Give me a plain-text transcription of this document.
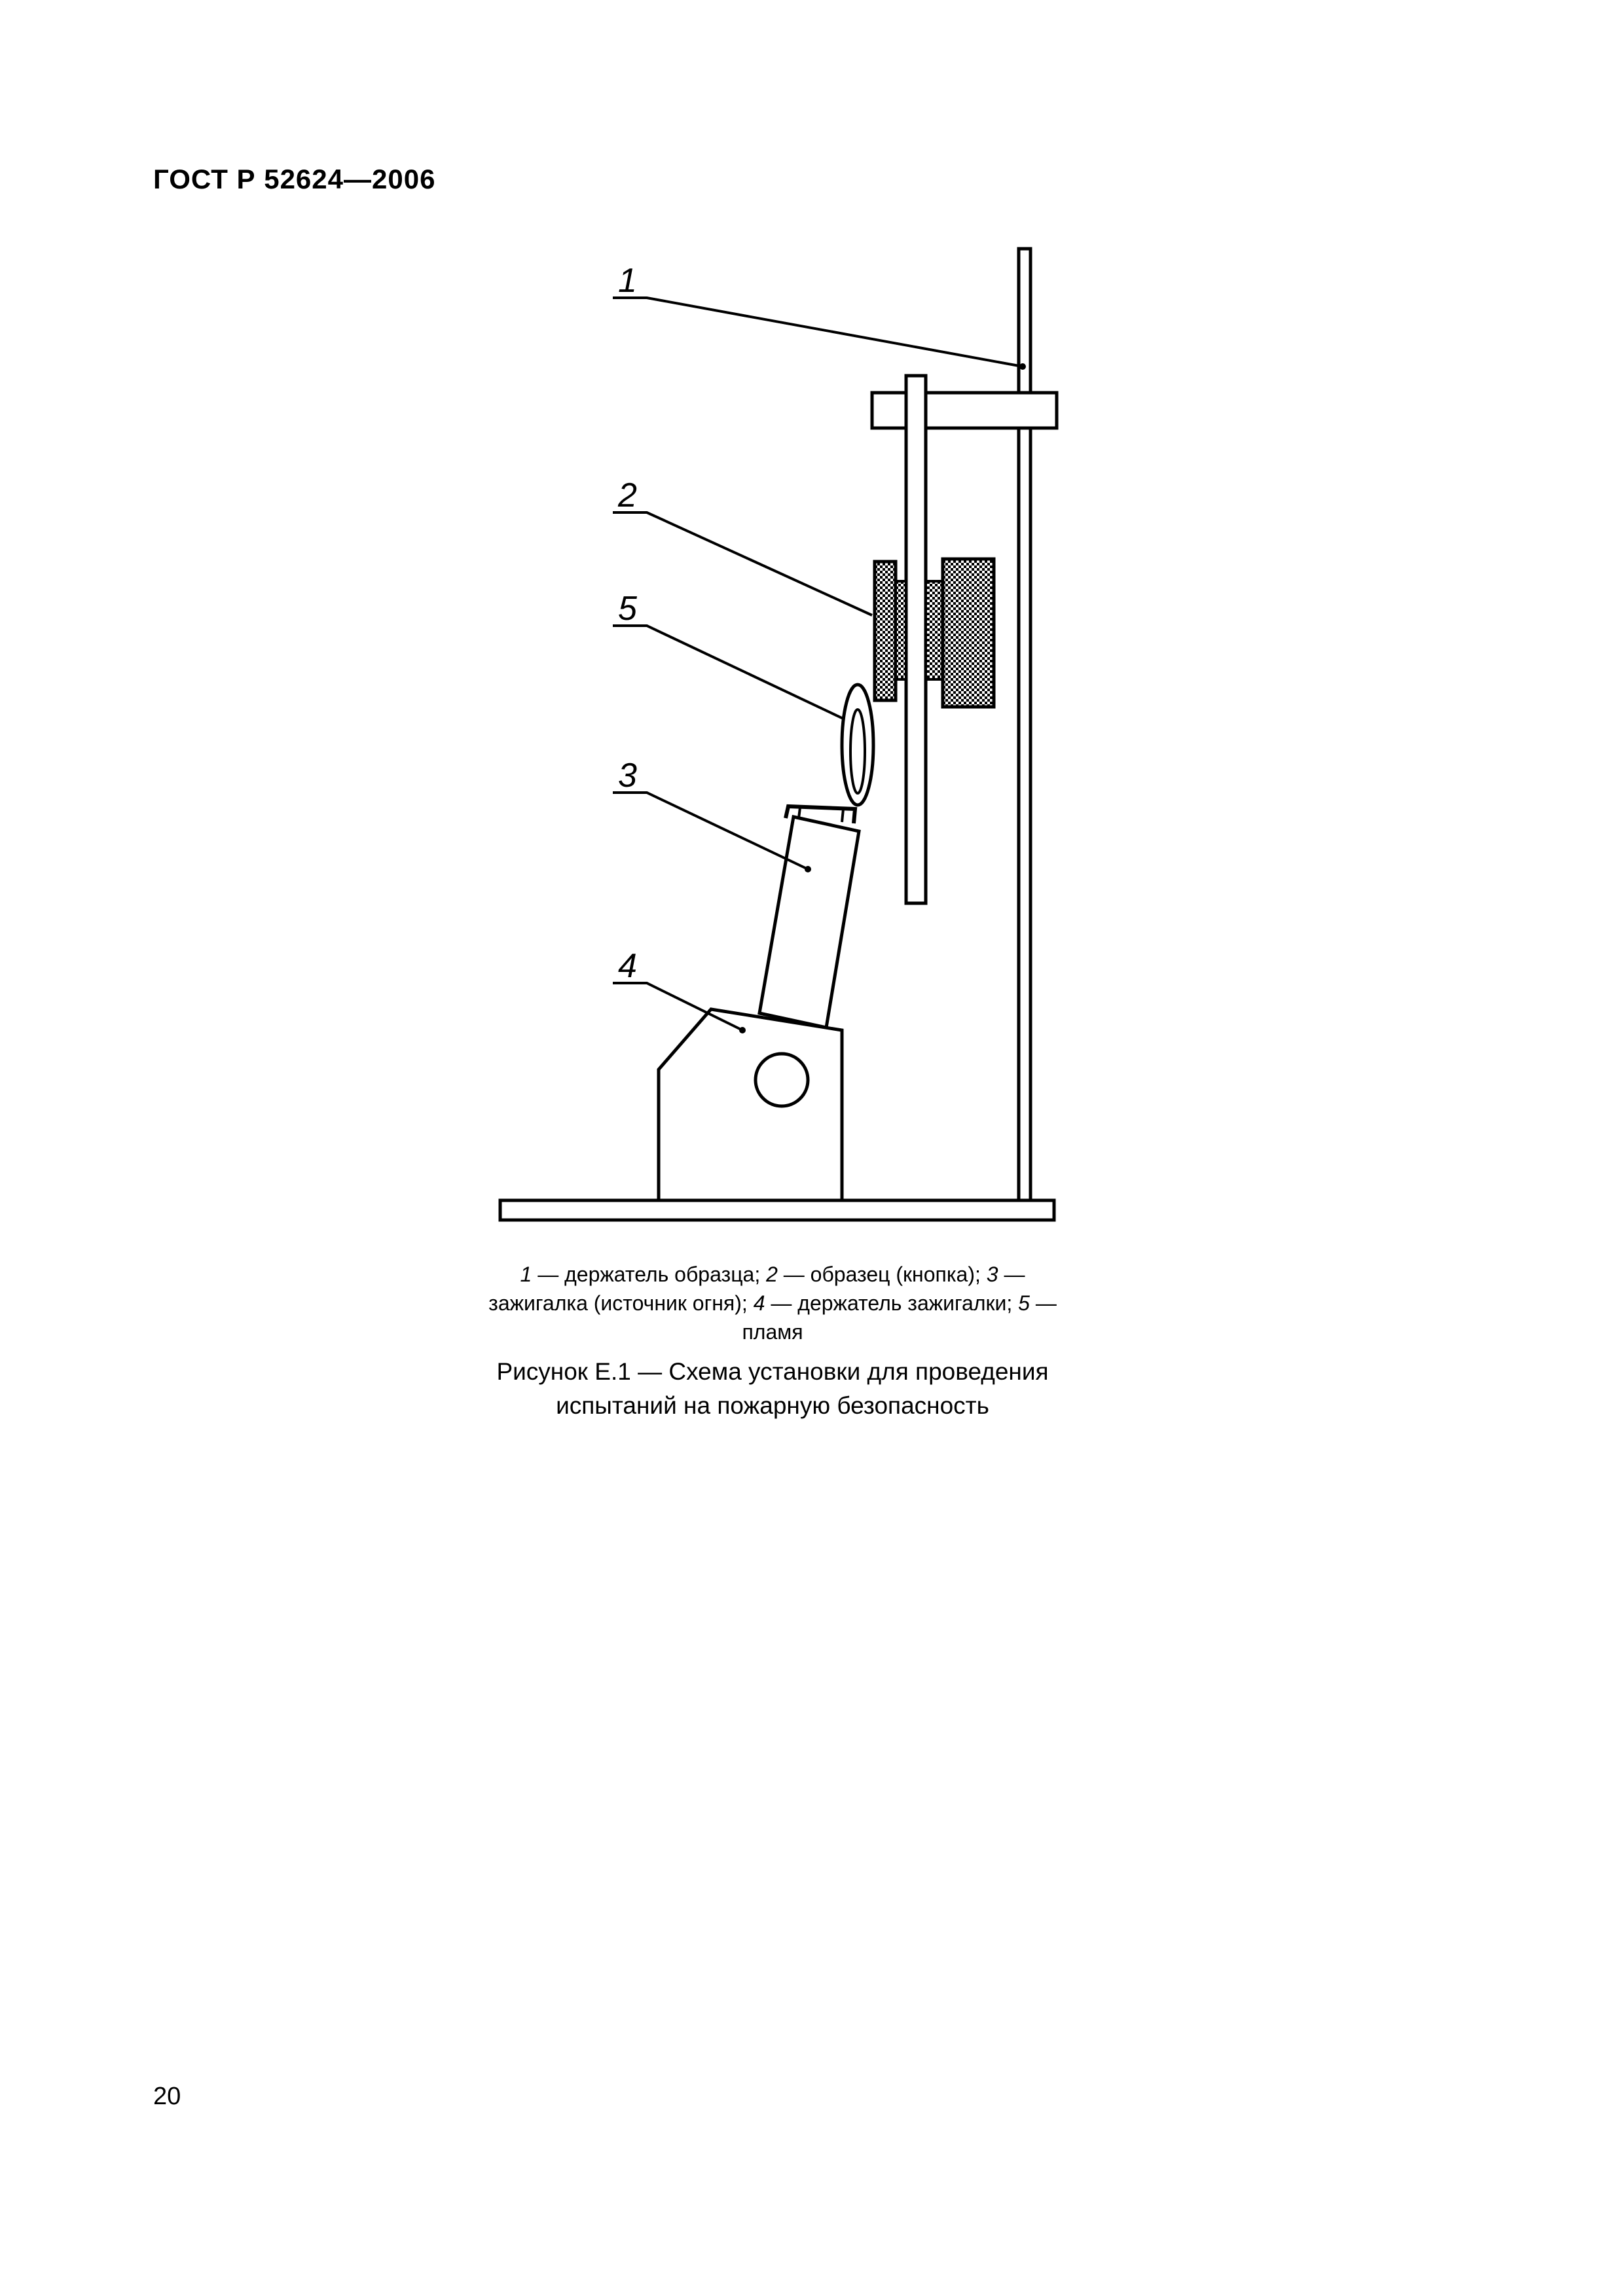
ГОСТ Р 52624—2006
1
2
5
3
4
1 — держатель образца; 2 — образец (кнопка); 3 — зажигалка (источник огня); 4 — держатель зажигалки; 5 — пламя
Рисунок Е.1 — Схема установки для проведения испытаний на пожарную безопасность
20
